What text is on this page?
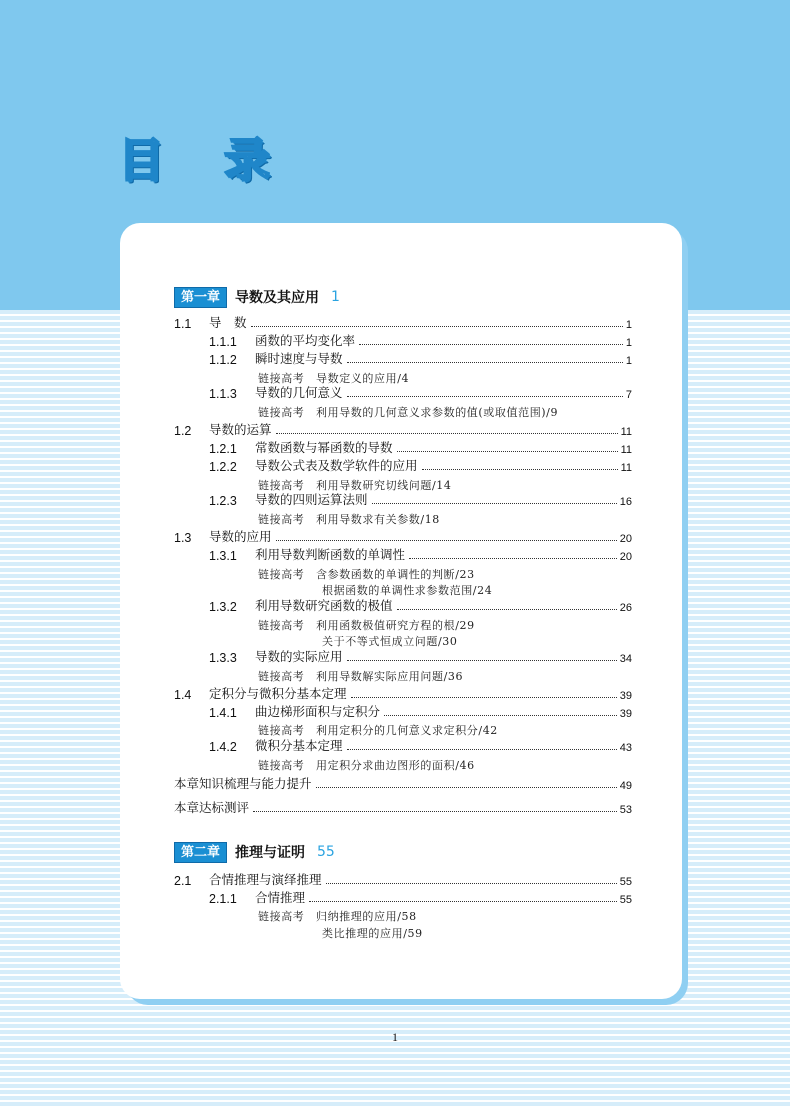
目 录
第一章	导数及其应用 1
1.1	导　数	1
1.1.1	函数的平均变化率	1
1.1.2	瞬时速度与导数	1
链接高考　导数定义的应用/4
1.1.3	导数的几何意义	7
链接高考　利用导数的几何意义求参数的值(或取值范围)/9
1.2	导数的运算	11
1.2.1	常数函数与幂函数的导数	11
1.2.2	导数公式表及数学软件的应用	11
链接高考　利用导数研究切线问题/14
1.2.3	导数的四则运算法则	16
链接高考　利用导数求有关参数/18
1.3	导数的应用	20
1.3.1	利用导数判断函数的单调性	20
链接高考　含参数函数的单调性的判断/23
根据函数的单调性求参数范围/24
1.3.2	利用导数研究函数的极值	26
链接高考　利用函数极值研究方程的根/29
关于不等式恒成立问题/30
1.3.3	导数的实际应用	34
链接高考　利用导数解实际应用问题/36
1.4	定积分与微积分基本定理	39
1.4.1	曲边梯形面积与定积分	39
链接高考　利用定积分的几何意义求定积分/42
1.4.2	微积分基本定理	43
链接高考　用定积分求曲边图形的面积/46
本章知识梳理与能力提升	49
本章达标测评	53
第二章	推理与证明 55
2.1	合情推理与演绎推理	55
2.1.1	合情推理	55
链接高考　归纳推理的应用/58
类比推理的应用/59
1
